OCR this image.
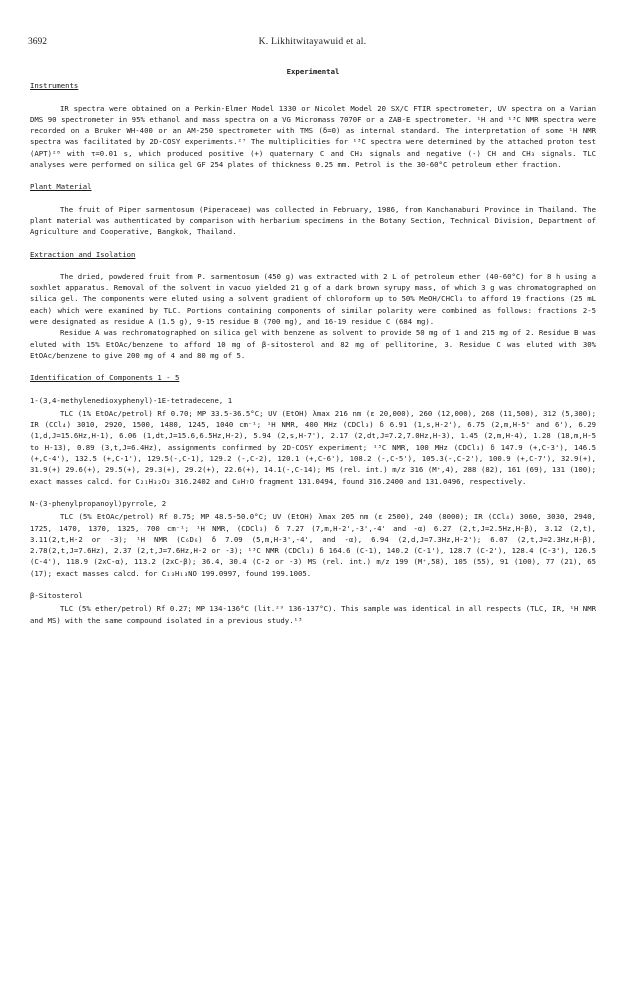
3692	K. Likhitwitayawuid et al.
Experimental
Instruments
IR spectra were obtained on a Perkin-Elmer Model 1330 or Nicolet Model 20 SX/C FTIR spectrometer, UV spectra on a Varian DMS 90 spectrometer in 95% ethanol and mass spectra on a VG Micromass 7070F or a ZAB-E spectrometer. ¹H and ¹³C NMR spectra were recorded on a Bruker WH-400 or an AM-250 spectrometer with TMS (δ=0) as internal standard. The interpretation of some ¹H NMR spectra was facilitated by 2D-COSY experiments.²⁷ The multiplicities for ¹³C spectra were determined by the attached proton test (APT)²⁸ with τ=0.01 s, which produced positive (+) quaternary C and CH₂ signals and negative (-) CH and CH₃ signals. TLC analyses were performed on silica gel GF 254 plates of thickness 0.25 mm. Petrol is the 30-60°C petroleum ether fraction.
Plant Material
The fruit of Piper sarmentosum (Piperaceae) was collected in February, 1986, from Kanchanaburi Province in Thailand. The plant material was authenticated by comparison with herbarium specimens in the Botany Section, Technical Division, Department of Agriculture and Cooperative, Bangkok, Thailand.
Extraction and Isolation
The dried, powdered fruit from P. sarmentosum (450 g) was extracted with 2 L of petroleum ether (40-60°C) for 8 h using a soxhlet apparatus. Removal of the solvent in vacuo yielded 21 g of a dark brown syrupy mass, of which 3 g was chromatographed on silica gel. The components were eluted using a solvent gradient of chloroform up to 50% MeOH/CHCl₃ to afford 19 fractions (25 mL each) which were examined by TLC. Portions containing components of similar polarity were combined as follows: fractions 2-5 were designated as residue A (1.5 g), 9-15 residue B (700 mg), and 16-19 residue C (684 mg).
Residue A was rechromatographed on silica gel with benzene as solvent to provide 50 mg of 1 and 215 mg of 2. Residue B was eluted with 15% EtOAc/benzene to afford 10 mg of β-sitosterol and 82 mg of pellitorine, 3. Residue C was eluted with 30% EtOAc/benzene to give 200 mg of 4 and 80 mg of 5.
Identification of Components 1 - 5
1-(3,4-methylenedioxyphenyl)-1E-tetradecene, 1
TLC (1% EtOAc/petrol) Rf 0.70; MP 33.5-36.5°C; UV (EtOH) λmax 216 nm (ε 20,000), 260 (12,000), 268 (11,500), 312 (5,300); IR (CCl₄) 3010, 2920, 1500, 1480, 1245, 1040 cm⁻¹; ¹H NMR, 400 MHz (CDCl₃) δ 6.91 (1,s,H-2'), 6.75 (2,m,H-5' and 6'), 6.29 (1,d,J=15.6Hz,H-1), 6.06 (1,dt,J=15.6,6.5Hz,H-2), 5.94 (2,s,H-7'), 2.17 (2,dt,J=7.2,7.0Hz,H-3), 1.45 (2,m,H-4), 1.28 (18,m,H-5 to H-13), 0.89 (3,t,J=6.4Hz), assignments confirmed by 2D-COSY experiment; ¹³C NMR, 100 MHz (CDCl₃) δ 147.9 (+,C-3'), 146.5 (+,C-4'), 132.5 (+,C-1'), 129.5(-,C-1), 129.2 (-,C-2), 120.1 (+,C-6'), 108.2 (-,C-5'), 105.3(-,C-2'), 100.9 (+,C-7'), 32.9(+), 31.9(+) 29.6(+), 29.5(+), 29.3(+), 29.2(+), 22.6(+), 14.1(-,C-14); MS (rel. int.) m/z 316 (M⁺,4), 288 (82), 161 (69), 131 (100); exact masses calcd. for C₂₁H₃₂O₂ 316.2402 and C₈H₇O fragment 131.0494, found 316.2400 and 131.0496, respectively.
N-(3-phenylpropanoyl)pyrrole, 2
TLC (5% EtOAc/petrol) Rf 0.75; MP 48.5-50.0°C; UV (EtOH) λmax 205 nm (ε 2500), 240 (8000); IR (CCl₄) 3060, 3030, 2940, 1725, 1470, 1370, 1325, 700 cm⁻¹; ¹H NMR, (CDCl₃) δ 7.27 (7,m,H-2',-3',-4' and -α) 6.27 (2,t,J=2.5Hz,H-β), 3.12 (2,t), 3.11(2,t,H-2 or -3); ¹H NMR (C₆D₆) δ 7.09 (5,m,H-3',-4', and -α), 6.94 (2,d,J=7.3Hz,H-2'); 6.07 (2,t,J=2.3Hz,H-β), 2.78(2,t,J=7.6Hz), 2.37 (2,t,J=7.6Hz,H-2 or -3); ¹³C NMR (CDCl₃) δ 164.6 (C-1), 140.2 (C-1'), 128.7 (C-2'), 128.4 (C-3'), 126.5 (C-4'), 118.9 (2xC-α), 113.2 (2xC-β); 36.4, 30.4 (C-2 or -3) MS (rel. int.) m/z 199 (M⁺,58), 105 (55), 91 (100), 77 (21), 65 (17); exact masses calcd. for C₁₃H₁₃NO 199.0997, found 199.1005.
β-Sitosterol
TLC (5% ether/petrol) Rf 0.27; MP 134-136°C (lit.²⁹ 136-137°C). This sample was identical in all respects (TLC, IR, ¹H NMR and MS) with the same compound isolated in a previous study.¹³
